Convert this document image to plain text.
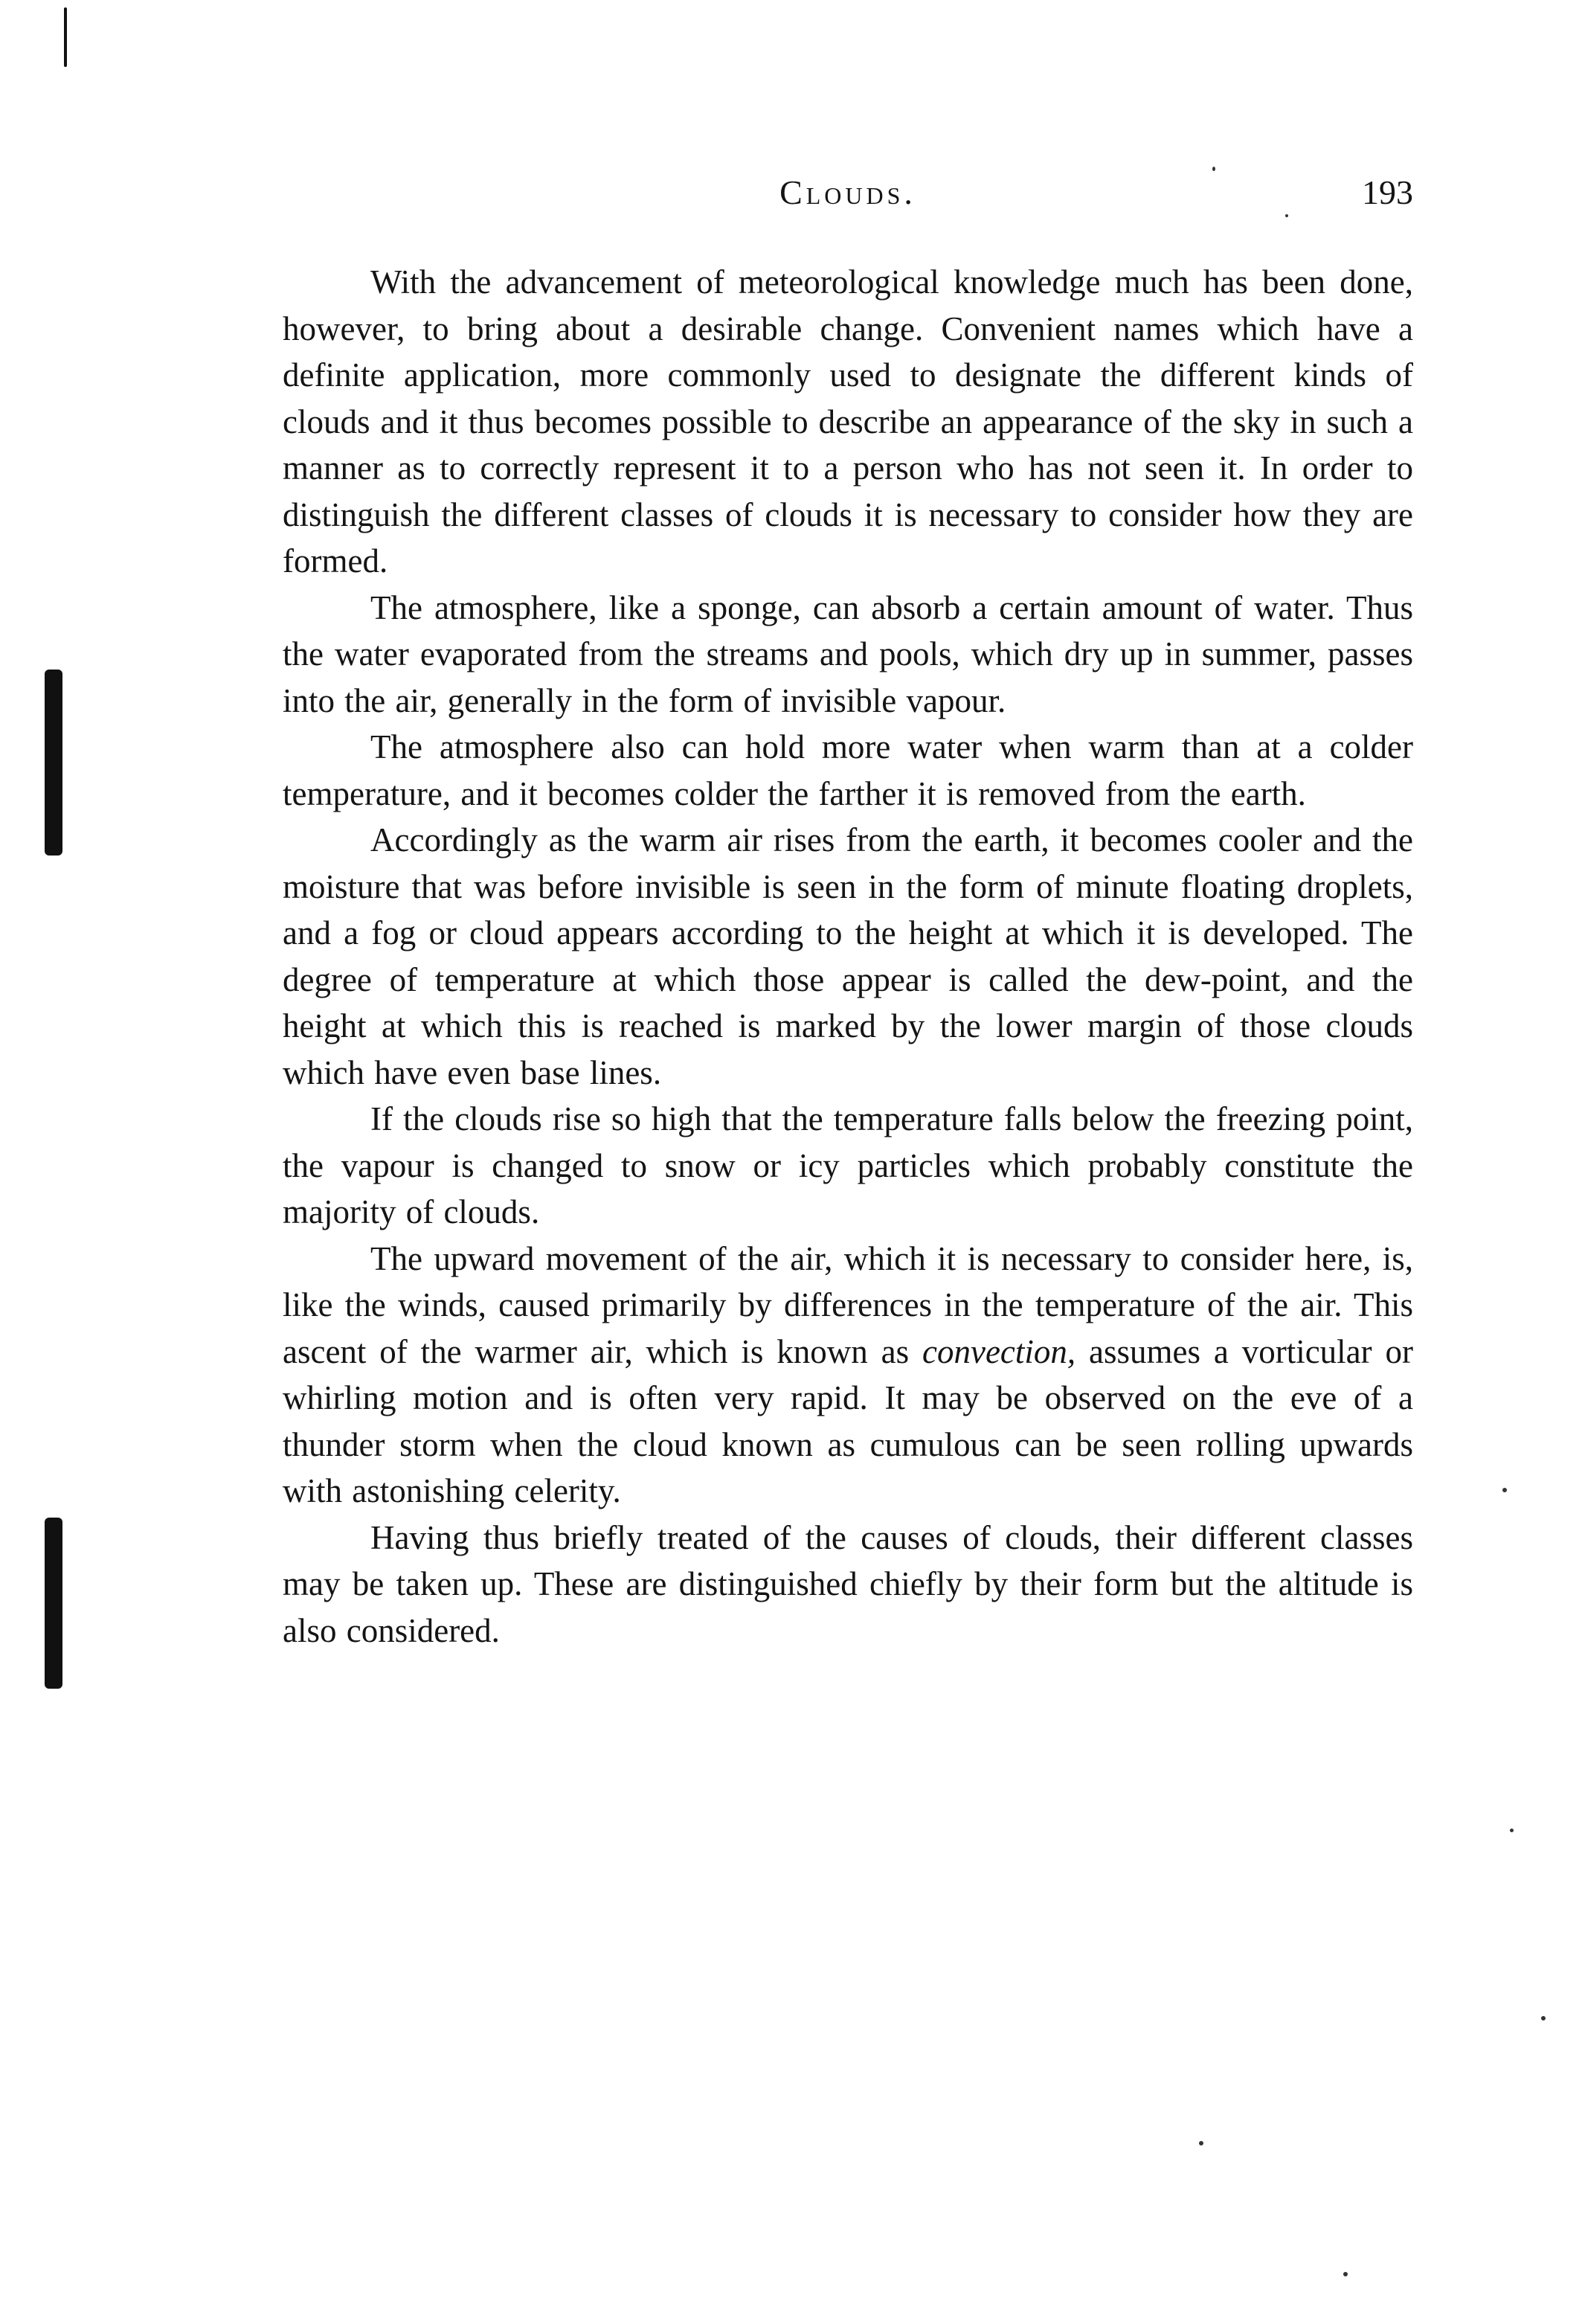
Clouds.	193

With the advancement of meteorological knowledge much has been done, however, to bring about a desirable change. Convenient names which have a definite application, more commonly used to designate the different kinds of clouds and it thus becomes possible to describe an appearance of the sky in such a manner as to correctly represent it to a person who has not seen it. In order to distinguish the different classes of clouds it is necessary to consider how they are formed.

The atmosphere, like a sponge, can absorb a certain amount of water. Thus the water evaporated from the streams and pools, which dry up in summer, passes into the air, generally in the form of invisible vapour.

The atmosphere also can hold more water when warm than at a colder temperature, and it becomes colder the farther it is removed from the earth.

Accordingly as the warm air rises from the earth, it becomes cooler and the moisture that was before invisible is seen in the form of minute floating droplets, and a fog or cloud appears according to the height at which it is developed. The degree of temperature at which those appear is called the dew-point, and the height at which this is reached is marked by the lower margin of those clouds which have even base lines.

If the clouds rise so high that the temperature falls below the freezing point, the vapour is changed to snow or icy particles which probably constitute the majority of clouds.

The upward movement of the air, which it is necessary to consider here, is, like the winds, caused primarily by differences in the temperature of the air. This ascent of the warmer air, which is known as convection, assumes a vorticular or whirling motion and is often very rapid. It may be observed on the eve of a thunder storm when the cloud known as cumulous can be seen rolling upwards with astonishing celerity.

Having thus briefly treated of the causes of clouds, their different classes may be taken up. These are distinguished chiefly by their form but the altitude is also considered.
